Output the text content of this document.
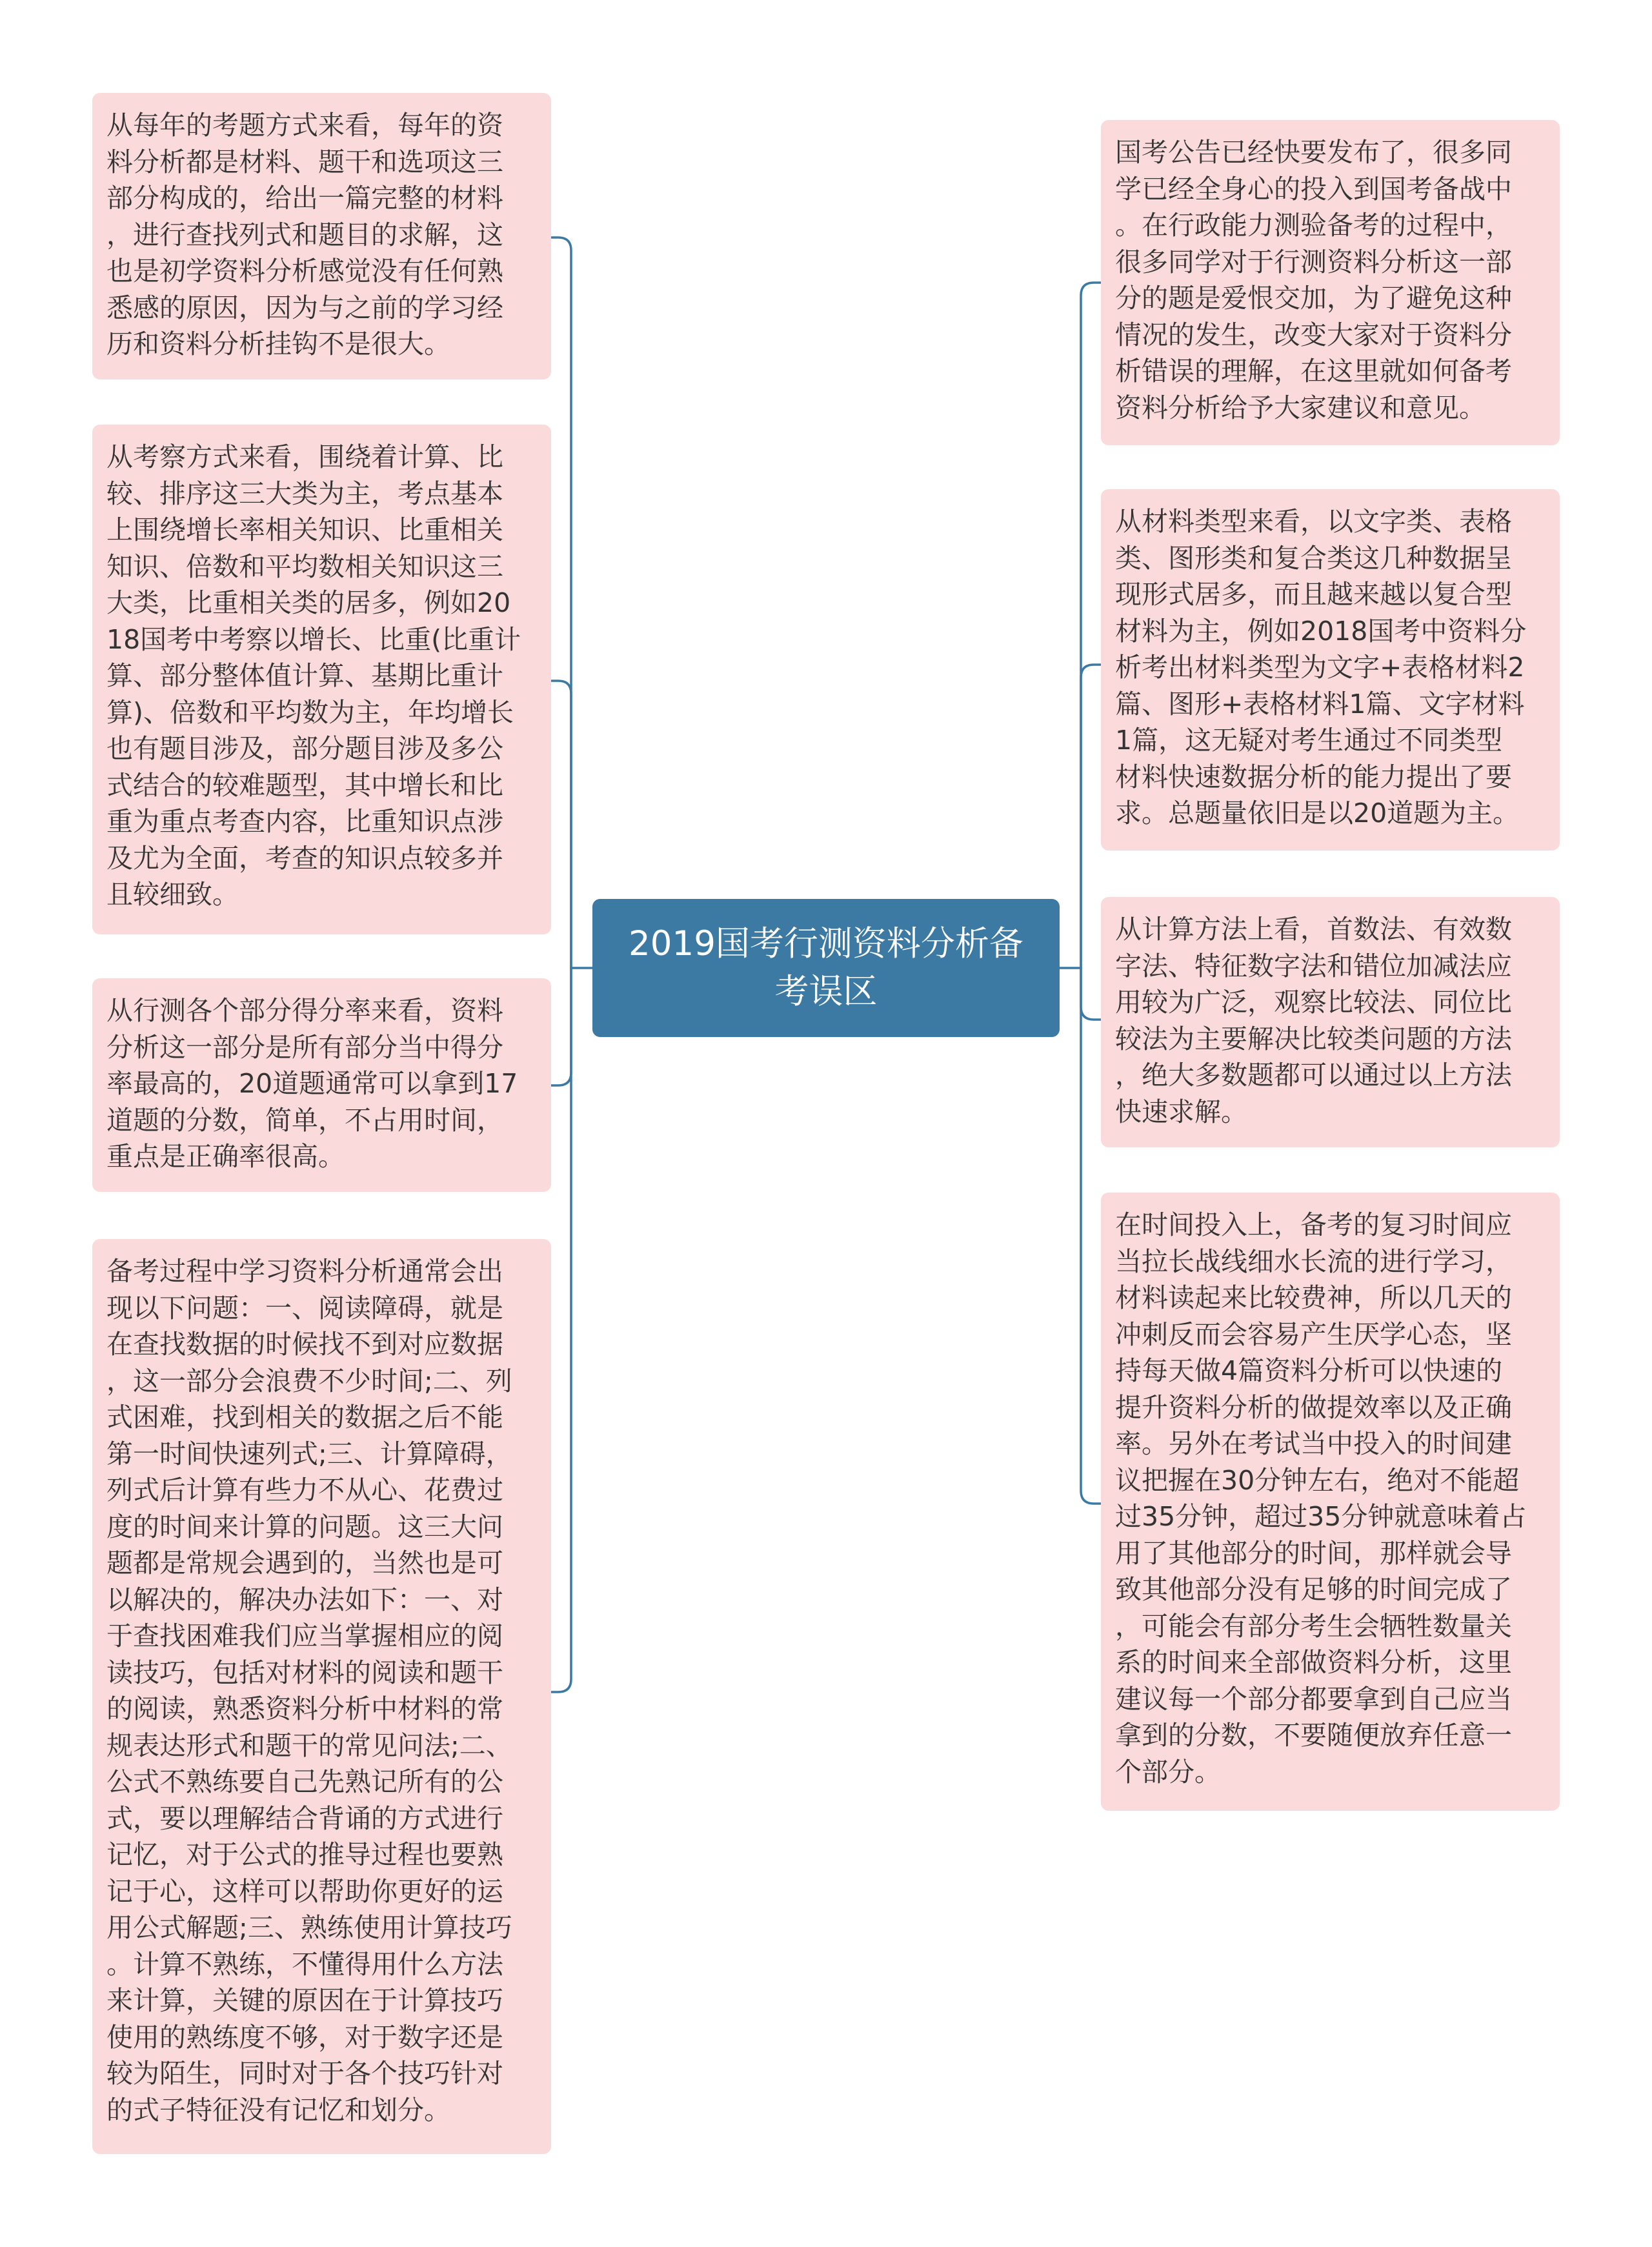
2019国考行测资料分析备
考误区
从每年的考题方式来看，每年的资
料分析都是材料、题干和选项这三
部分构成的，给出一篇完整的材料
，进行查找列式和题目的求解，这
也是初学资料分析感觉没有任何熟
悉感的原因，因为与之前的学习经
历和资料分析挂钩不是很大。
从考察方式来看，围绕着计算、比
较、排序这三大类为主，考点基本
上围绕增长率相关知识、比重相关
知识、倍数和平均数相关知识这三
大类，比重相关类的居多，例如20
18国考中考察以增长、比重(比重计
算、部分整体值计算、基期比重计
算)、倍数和平均数为主，年均增长
也有题目涉及，部分题目涉及多公
式结合的较难题型，其中增长和比
重为重点考查内容，比重知识点涉
及尤为全面，考查的知识点较多并
且较细致。
从行测各个部分得分率来看，资料
分析这一部分是所有部分当中得分
率最高的，20道题通常可以拿到17
道题的分数，简单，不占用时间，
重点是正确率很高。
备考过程中学习资料分析通常会出
现以下问题：一、阅读障碍，就是
在查找数据的时候找不到对应数据
，这一部分会浪费不少时间;二、列
式困难，找到相关的数据之后不能
第一时间快速列式;三、计算障碍，
列式后计算有些力不从心、花费过
度的时间来计算的问题。这三大问
题都是常规会遇到的，当然也是可
以解决的，解决办法如下：一、对
于查找困难我们应当掌握相应的阅
读技巧，包括对材料的阅读和题干
的阅读，熟悉资料分析中材料的常
规表达形式和题干的常见问法;二、
公式不熟练要自己先熟记所有的公
式，要以理解结合背诵的方式进行
记忆，对于公式的推导过程也要熟
记于心，这样可以帮助你更好的运
用公式解题;三、熟练使用计算技巧
。计算不熟练，不懂得用什么方法
来计算，关键的原因在于计算技巧
使用的熟练度不够，对于数字还是
较为陌生，同时对于各个技巧针对
的式子特征没有记忆和划分。
国考公告已经快要发布了，很多同
学已经全身心的投入到国考备战中
。在行政能力测验备考的过程中，
很多同学对于行测资料分析这一部
分的题是爱恨交加，为了避免这种
情况的发生，改变大家对于资料分
析错误的理解，在这里就如何备考
资料分析给予大家建议和意见。
从材料类型来看，以文字类、表格
类、图形类和复合类这几种数据呈
现形式居多，而且越来越以复合型
材料为主，例如2018国考中资料分
析考出材料类型为文字+表格材料2
篇、图形+表格材料1篇、文字材料
1篇，这无疑对考生通过不同类型
材料快速数据分析的能力提出了要
求。总题量依旧是以20道题为主。
从计算方法上看，首数法、有效数
字法、特征数字法和错位加减法应
用较为广泛，观察比较法、同位比
较法为主要解决比较类问题的方法
，绝大多数题都可以通过以上方法
快速求解。
在时间投入上，备考的复习时间应
当拉长战线细水长流的进行学习，
材料读起来比较费神，所以几天的
冲刺反而会容易产生厌学心态，坚
持每天做4篇资料分析可以快速的
提升资料分析的做提效率以及正确
率。另外在考试当中投入的时间建
议把握在30分钟左右，绝对不能超
过35分钟，超过35分钟就意味着占
用了其他部分的时间，那样就会导
致其他部分没有足够的时间完成了
，可能会有部分考生会牺牲数量关
系的时间来全部做资料分析，这里
建议每一个部分都要拿到自己应当
拿到的分数，不要随便放弃任意一
个部分。
